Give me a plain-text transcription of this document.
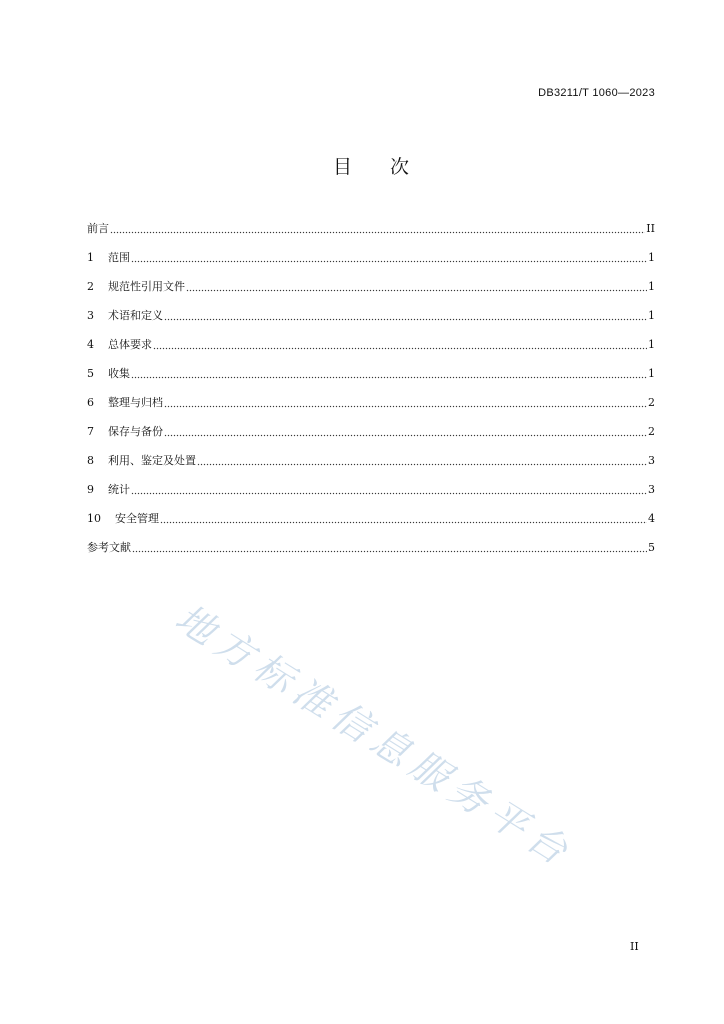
DB3211/T 1060—2023
目　　次
前言	II
1 范围	1
2 规范性引用文件	1
3 术语和定义	1
4 总体要求	1
5 收集	1
6 整理与归档	2
7 保存与备份	2
8 利用、鉴定及处置	3
9 统计	3
10 安全管理	4
参考文献	5
地方标准信息服务平台
II
